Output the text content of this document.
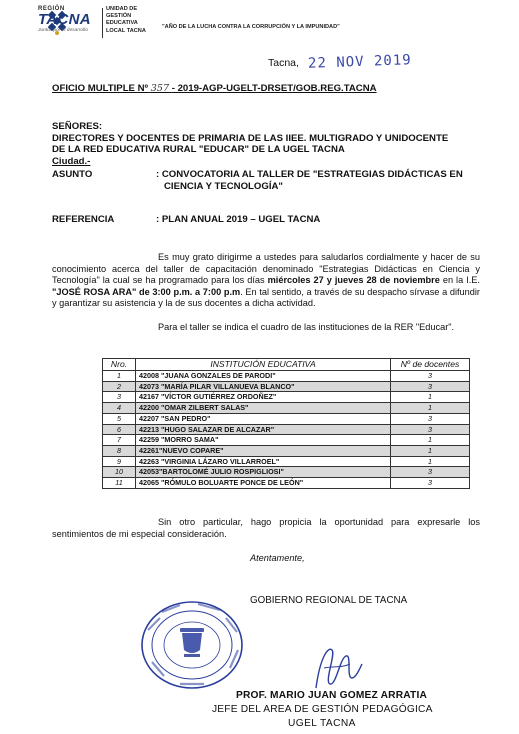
REGIÓN
TACNA
Juntos por el desarrollo
UNIDAD DE
GESTIÓN
EDUCATIVA
LOCAL TACNA
"AÑO DE LA LUCHA CONTRA LA CORRUPCIÓN Y LA IMPUNIDAD"
Tacna, 22 NOV 2019
OFICIO MULTIPLE Nº 357 - 2019-AGP-UGELT-DRSET/GOB.REG.TACNA
SEÑORES:
DIRECTORES Y DOCENTES DE PRIMARIA DE LAS IIEE. MULTIGRADO Y UNIDOCENTE
DE LA RED EDUCATIVA RURAL "EDUCAR" DE LA UGEL TACNA
Ciudad.-
ASUNTO	: CONVOCATORIA AL TALLER DE "ESTRATEGIAS DIDÁCTICAS EN
CIENCIA Y TECNOLOGÍA"
REFERENCIA	: PLAN ANUAL 2019 – UGEL TACNA
Es muy grato dirigirme a ustedes para saludarlos cordialmente y hacer de su conocimiento acerca del taller de capacitación denominado "Estrategias Didácticas en Ciencia y Tecnología" la cual se ha programado para los días miércoles 27 y jueves 28 de noviembre en la I.E. "JOSÉ ROSA ARA" de 3:00 p.m. a 7:00 p.m. En tal sentido, a través de su despacho sírvase a difundir y garantizar su asistencia y la de sus docentes a dicha actividad.
Para el taller se indica el cuadro de las instituciones de la RER "Educar".
Nro.	INSTITUCIÓN EDUCATIVA	Nº de docentes
1	42008 "JUANA GONZALES DE PARODI"	3
2	42073 "MARÍA PILAR VILLANUEVA BLANCO"	3
3	42167 "VÍCTOR GUTIÉRREZ ORDOÑEZ"	1
4	42200 "OMAR ZILBERT SALAS"	1
5	42207 "SAN PEDRO"	3
6	42213 "HUGO SALAZAR DE ALCAZAR"	3
7	42259 "MORRO SAMA"	1
8	42261"NUEVO COPARE"	1
9	42263 "VIRGINIA LÁZARO VILLARROEL"	1
10	42053"BARTOLOMÉ JULIO ROSPIGLIOSI"	3
11	42065 "RÓMULO BOLUARTE PONCE DE LEÓN"	3
Sin otro particular, hago propicia la oportunidad para expresarle los sentimientos de mi especial consideración.
Atentamente,
GOBIERNO REGIONAL DE TACNA
PROF. MARIO JUAN GOMEZ ARRATIA
JEFE DEL AREA DE GESTIÓN PEDAGÓGICA
UGEL TACNA
